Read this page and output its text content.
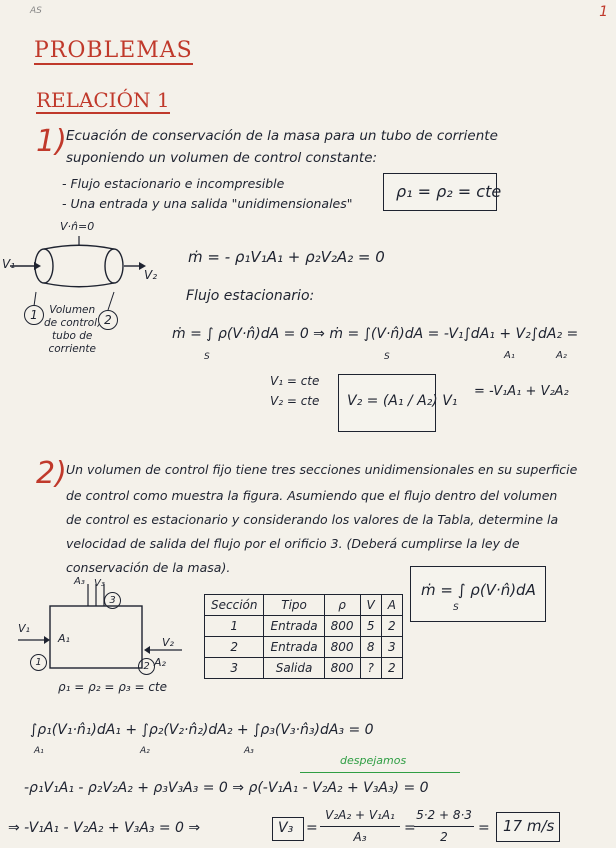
AS	1
PROBLEMAS
RELACIÓN 1
1) Ecuación de conservación de la masa para un tubo de corriente
suponiendo un volumen de control constante:
- Flujo estacionario e incompresible
- Una entrada y una salida "unidimensionales"
ρ₁ = ρ₂ = cte
V·n̂=0
V₁
V₂
1	2
Volumen
de control,
tubo de
corriente
ṁ = - ρ₁V₁A₁ + ρ₂V₂A₂ = 0
Flujo estacionario:
ṁ = ∫ ρ(V·n̂)dA = 0 ⇒ ṁ = ∫(V·n̂)dA = -V₁∫dA₁ + V₂∫dA₂ =
S	S	A₁	A₂
V₁ = cte
V₂ = cte V₂ = (A₁ / A₂) V₁
= -V₁A₁ + V₂A₂
2) Un volumen de control fijo tiene tres secciones unidimensionales en su superficie
de control como muestra la figura. Asumiendo que el flujo dentro del volumen
de control es estacionario y considerando los valores de la Tabla, determine la
velocidad de salida del flujo por el orificio 3. (Deberá cumplirse la ley de
conservación de la masa).
ṁ = ∫ ρ(V·n̂)dA
S
A₃ V₃
3
V₁
A₁
1
V₂
A₂
2
ρ₁ = ρ₂ = ρ₃ = cte
Sección	Tipo	ρ	V	A
1	Entrada	800	5	2
2	Entrada	800	8	3
3	Salida	800	?	2
∫ρ₁(V₁·n̂₁)dA₁ + ∫ρ₂(V₂·n̂₂)dA₂ + ∫ρ₃(V₃·n̂₃)dA₃ = 0
A₁	A₂	A₃
despejamos
-ρ₁V₁A₁ - ρ₂V₂A₂ + ρ₃V₃A₃ = 0 ⇒ ρ(-V₁A₁ - V₂A₂ + V₃A₃) = 0
⇒ -V₁A₁ - V₂A₂ + V₃A₃ = 0 ⇒	V₃ =
V₂A₂ + V₁A₁
A₃
=
5·2 + 8·3
2
= 17 m/s
